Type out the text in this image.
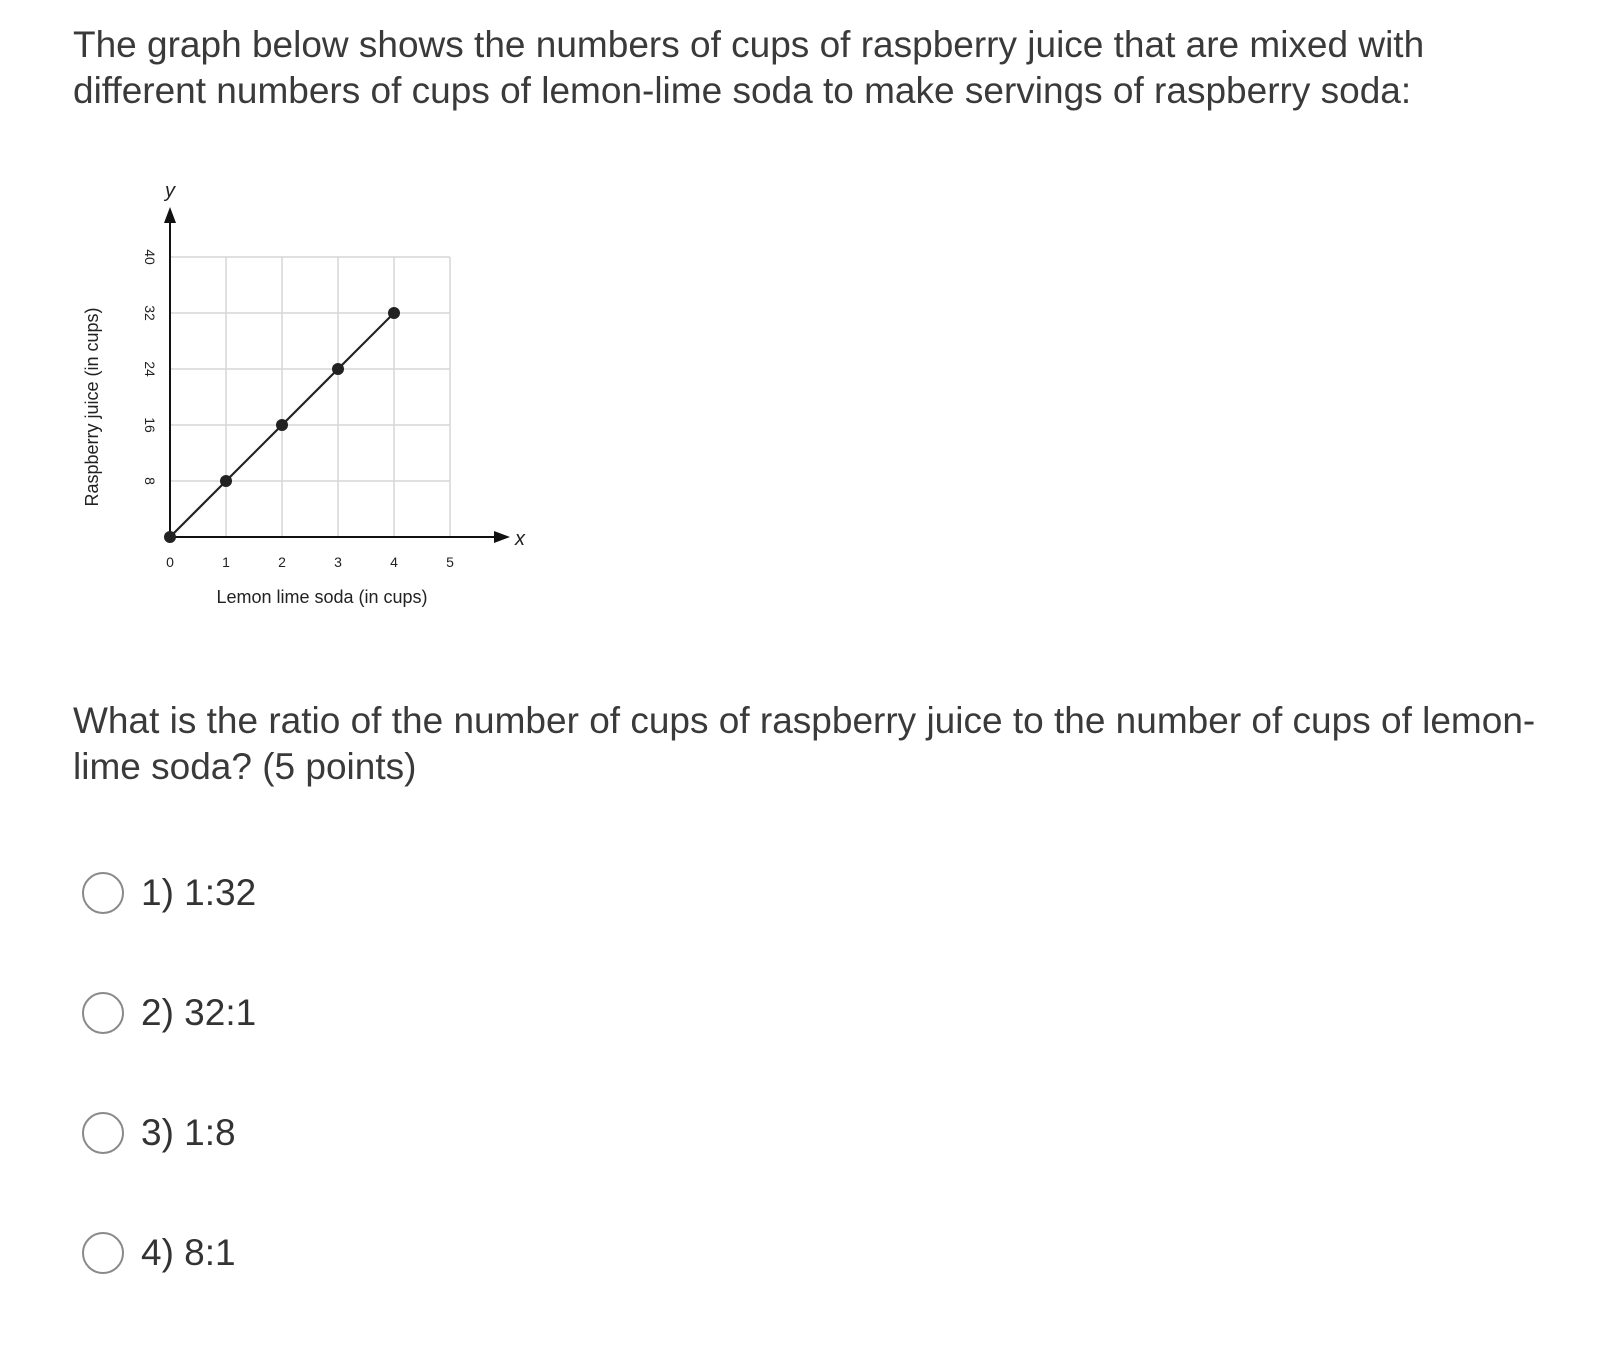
The graph below shows the numbers of cups of raspberry juice that are mixed with different numbers of cups of lemon-lime soda to make servings of raspberry soda:

0	1	2	3	4	5
8
16
24
32
40
Raspberry juice (in cups)
Lemon lime soda (in cups)
y
x

What is the ratio of the number of cups of raspberry juice to the number of cups of lemon-lime soda? (5 points)

1) 1:32
2) 32:1
3) 1:8
4) 8:1
